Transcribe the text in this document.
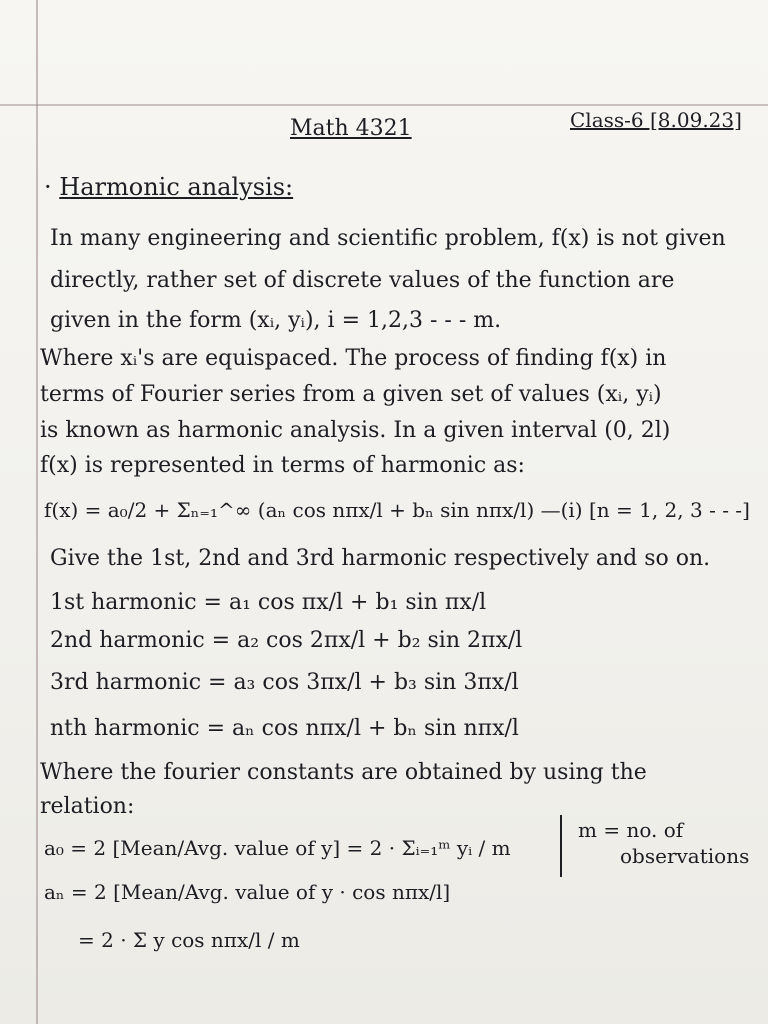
Math 4321	Class-6 [8.09.23]
· Harmonic analysis:
In many engineering and scientific problem, f(x) is not given
directly, rather set of discrete values of the function are
given in the form (xᵢ, yᵢ), i = 1,2,3 - - - m.
Where xᵢ's are equispaced. The process of finding f(x) in
terms of Fourier series from a given set of values (xᵢ, yᵢ)
is known as harmonic analysis. In a given interval (0, 2l)
f(x) is represented in terms of harmonic as:
f(x) = a₀/2 + Σₙ₌₁^∞ (aₙ cos nπx/l + bₙ sin nπx/l) —(i) [n = 1, 2, 3 - - -]
Give the 1st, 2nd and 3rd harmonic respectively and so on.
1st harmonic = a₁ cos πx/l + b₁ sin πx/l
2nd harmonic = a₂ cos 2πx/l + b₂ sin 2πx/l
3rd harmonic = a₃ cos 3πx/l + b₃ sin 3πx/l
nth harmonic = aₙ cos nπx/l + bₙ sin nπx/l
Where the fourier constants are obtained by using the
relation:
a₀ = 2 [Mean/Avg. value of y] = 2 · Σᵢ₌₁ᵐ yᵢ / m
m = no. of
observations
aₙ = 2 [Mean/Avg. value of y · cos nπx/l]
= 2 · Σ y cos nπx/l / m
